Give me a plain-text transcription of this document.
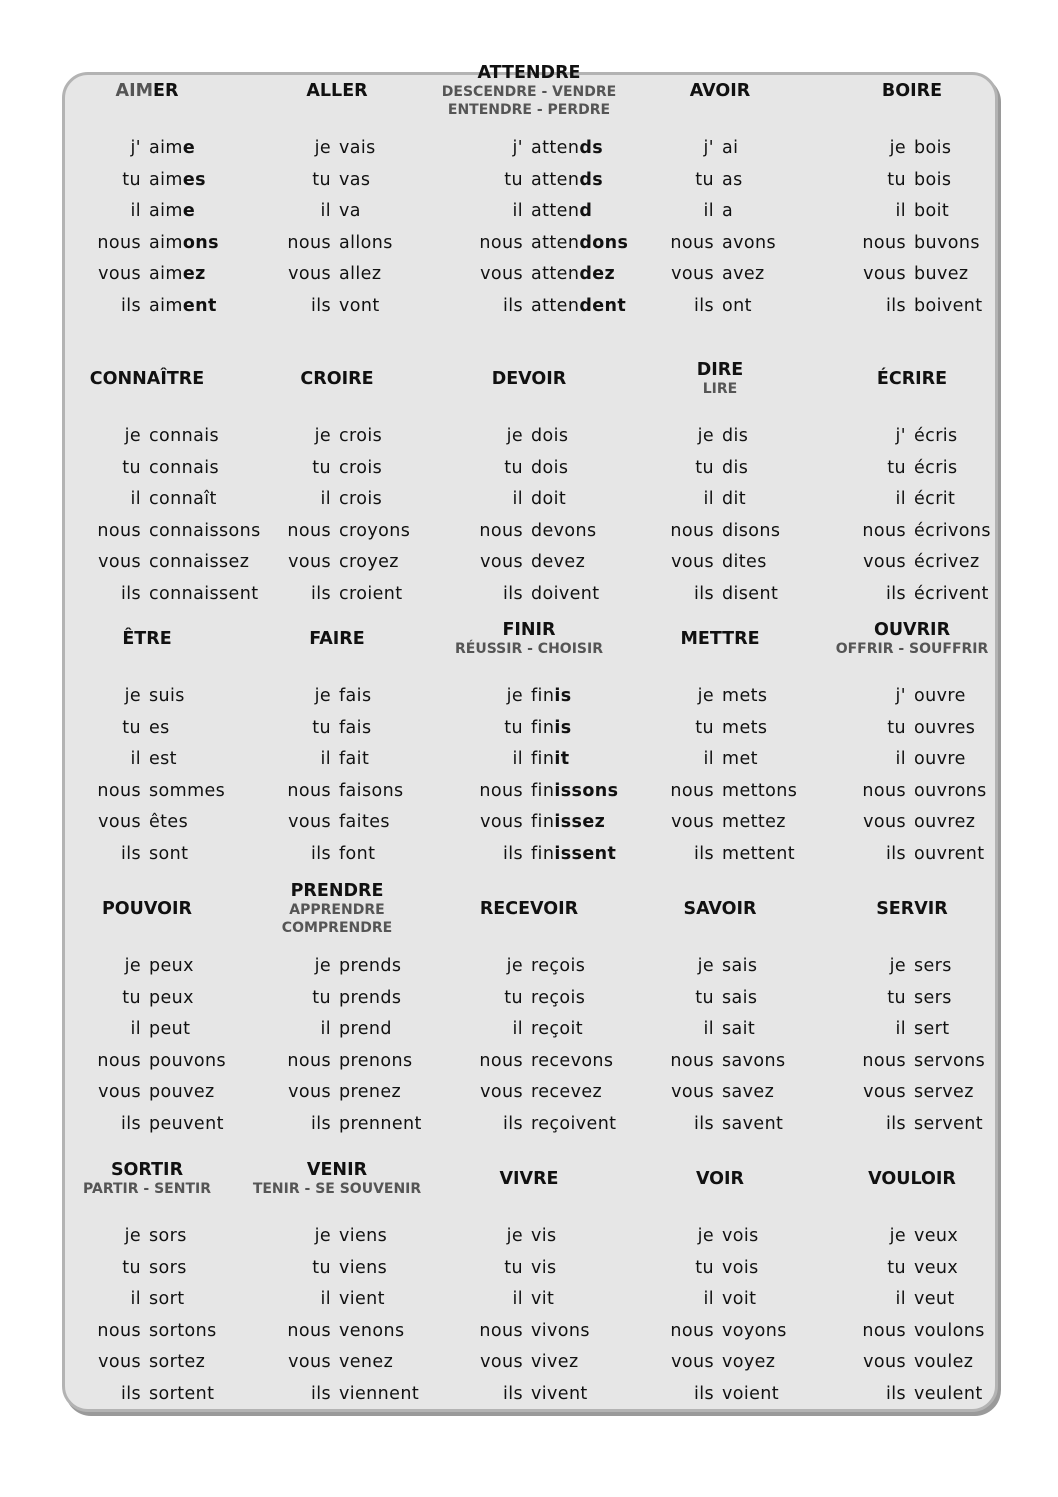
AIMER
j' aime
tu aimes
il aime
nous aimons
vous aimez
ils aiment
ALLER
je vais
tu vas
il va
nous allons
vous allez
ils vont
ATTENDRE
DESCENDRE - VENDRE
ENTENDRE - PERDRE
j' attends
tu attends
il attend
nous attendons
vous attendez
ils attendent
AVOIR
j' ai
tu as
il a
nous avons
vous avez
ils ont
BOIRE
je bois
tu bois
il boit
nous buvons
vous buvez
ils boivent
CONNAÎTRE
je connais
tu connais
il connaît
nous connaissons
vous connaissez
ils connaissent
CROIRE
je crois
tu crois
il crois
nous croyons
vous croyez
ils croient
DEVOIR
je dois
tu dois
il doit
nous devons
vous devez
ils doivent
DIRE
LIRE
je dis
tu dis
il dit
nous disons
vous dites
ils disent
ÉCRIRE
j' écris
tu écris
il écrit
nous écrivons
vous écrivez
ils écrivent
ÊTRE
je suis
tu es
il est
nous sommes
vous êtes
ils sont
FAIRE
je fais
tu fais
il fait
nous faisons
vous faites
ils font
FINIR
RÉUSSIR - CHOISIR
je finis
tu finis
il finit
nous finissons
vous finissez
ils finissent
METTRE
je mets
tu mets
il met
nous mettons
vous mettez
ils mettent
OUVRIR
OFFRIR - SOUFFRIR
j' ouvre
tu ouvres
il ouvre
nous ouvrons
vous ouvrez
ils ouvrent
POUVOIR
je peux
tu peux
il peut
nous pouvons
vous pouvez
ils peuvent
PRENDRE
APPRENDRE
COMPRENDRE
je prends
tu prends
il prend
nous prenons
vous prenez
ils prennent
RECEVOIR
je reçois
tu reçois
il reçoit
nous recevons
vous recevez
ils reçoivent
SAVOIR
je sais
tu sais
il sait
nous savons
vous savez
ils savent
SERVIR
je sers
tu sers
il sert
nous servons
vous servez
ils servent
SORTIR
PARTIR - SENTIR
je sors
tu sors
il sort
nous sortons
vous sortez
ils sortent
VENIR
TENIR - SE SOUVENIR
je viens
tu viens
il vient
nous venons
vous venez
ils viennent
VIVRE
je vis
tu vis
il vit
nous vivons
vous vivez
ils vivent
VOIR
je vois
tu vois
il voit
nous voyons
vous voyez
ils voient
VOULOIR
je veux
tu veux
il veut
nous voulons
vous voulez
ils veulent
